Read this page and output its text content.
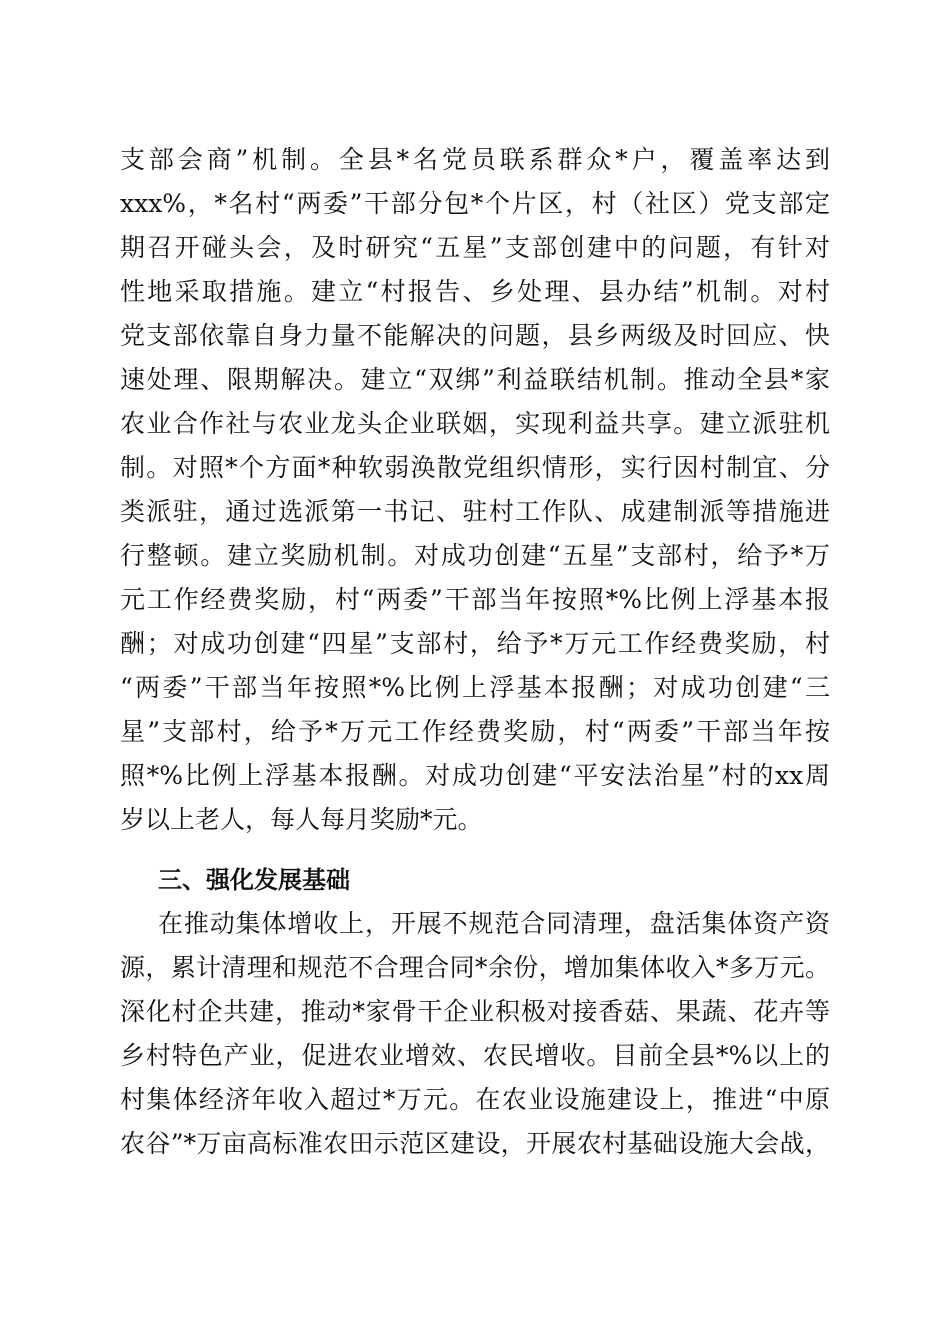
支部会商”机制。全县*名党员联系群众*户，覆盖率达到
xxx%，*名村“两委”干部分包*个片区，村（社区）党支部定
期召开碰头会，及时研究“五星”支部创建中的问题，有针对
性地采取措施。建立“村报告、乡处理、县办结”机制。对村
党支部依靠自身力量不能解决的问题，县乡两级及时回应、快
速处理、限期解决。建立“双绑”利益联结机制。推动全县*家
农业合作社与农业龙头企业联姻，实现利益共享。建立派驻机
制。对照*个方面*种软弱涣散党组织情形，实行因村制宜、分
类派驻，通过选派第一书记、驻村工作队、成建制派等措施进
行整顿。建立奖励机制。对成功创建“五星”支部村，给予*万
元工作经费奖励，村“两委”干部当年按照*%比例上浮基本报
酬；对成功创建“四星”支部村，给予*万元工作经费奖励，村
“两委”干部当年按照*%比例上浮基本报酬；对成功创建“三
星”支部村，给予*万元工作经费奖励，村“两委”干部当年按
照*%比例上浮基本报酬。对成功创建“平安法治星”村的xx周
岁以上老人，每人每月奖励*元。
三、强化发展基础
在推动集体增收上，开展不规范合同清理，盘活集体资产资
源，累计清理和规范不合理合同*余份，增加集体收入*多万元。
深化村企共建，推动*家骨干企业积极对接香菇、果蔬、花卉等
乡村特色产业，促进农业增效、农民增收。目前全县*%以上的
村集体经济年收入超过*万元。在农业设施建设上，推进“中原
农谷”*万亩高标准农田示范区建设，开展农村基础设施大会战，
